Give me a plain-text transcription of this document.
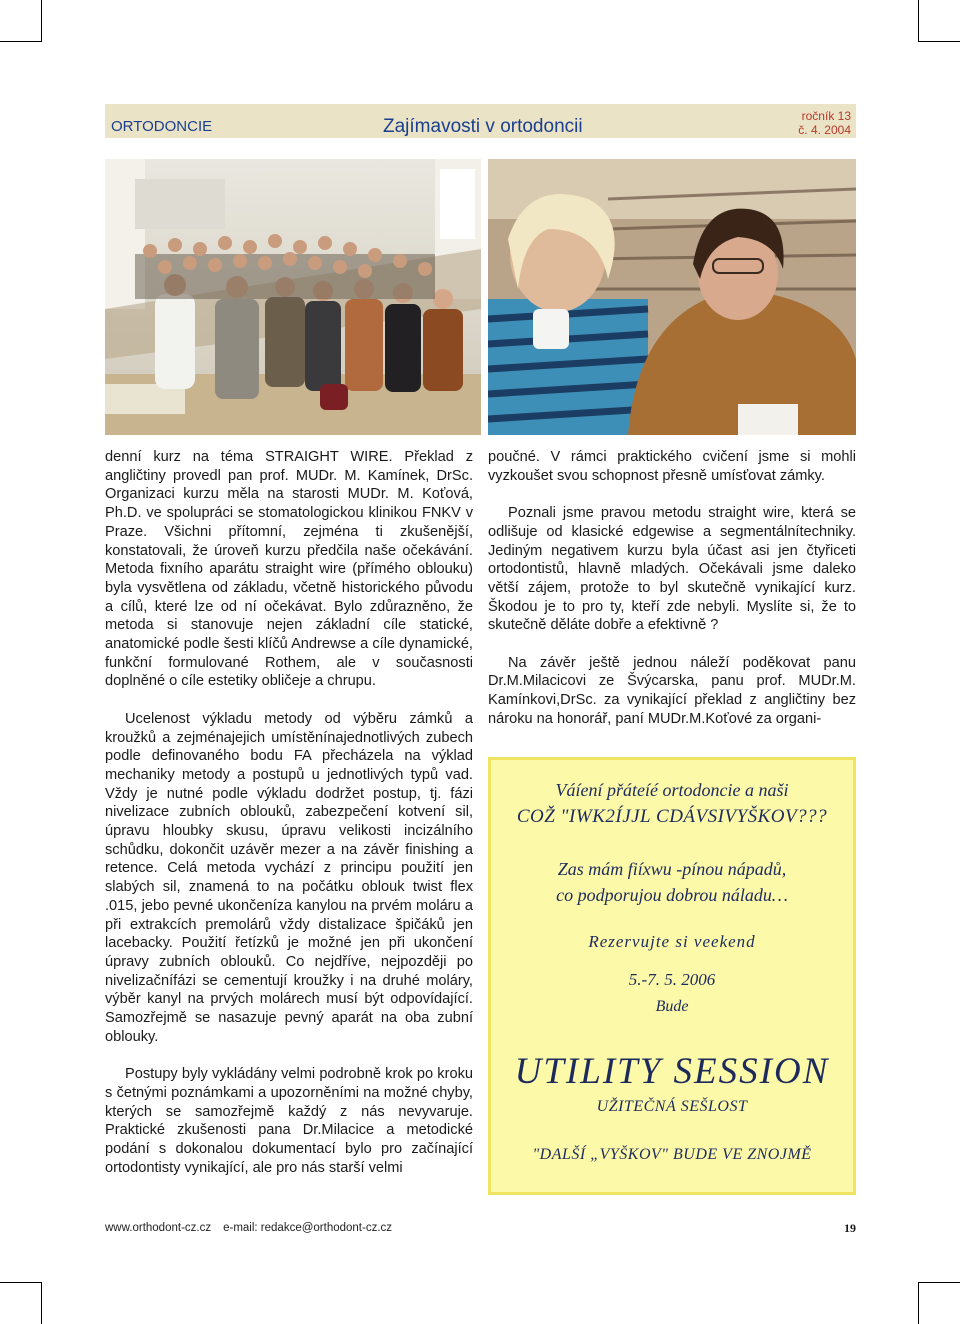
ORTODONCIE	Zajímavosti v ortodoncii	ročník 13
č. 4. 2004

denní kurz na téma STRAIGHT WIRE. Překlad z angličtiny provedl pan prof. MUDr. M. Kamínek, DrSc. Organizaci kurzu měla na starosti MUDr. M. Koťová, Ph.D. ve spolupráci se stomatologickou klinikou FNKV v Praze. Všichni přítomní, zejména ti zkušenější, konstatovali, že úroveň kurzu předčila naše očekávání. Metoda fixního aparátu straight wire (přímého oblouku) byla vysvětlena od základu, včetně historického původu a cílů, které lze od ní očekávat. Bylo zdůrazněno, že metoda si stanovuje nejen základní cíle statické, anatomické podle šesti klíčů Andrewse a cíle dynamické, funkční formulované Rothem, ale v současnosti doplněné o cíle estetiky obličeje a chrupu.

Ucelenost výkladu metody od výběru zámků a kroužků a zejménajejich umístěnínajednotlivých zubech podle definovaného bodu FA přecházela na výklad mechaniky metody a postupů u jednotlivých typů vad. Vždy je nutné podle výkladu dodržet postup, tj. fázi nivelizace zubních oblouků, zabezpečení kotvení sil, úpravu hloubky skusu, úpravu velikosti incizálního schůdku, dokončit uzávěr mezer a na závěr finishing a retence. Celá metoda vychází z principu použití jen slabých sil, znamená to na počátku oblouk twist flex .015, jebo pevné ukončeníza kanylou na prvém moláru a při extrakcích premolárů vždy distalizace špičáků jen lacebacky. Použití řetízků je možné jen při ukončení úpravy zubních oblouků. Co nejdříve, nejpozději po nivelizačnífázi se cementují kroužky i na druhé moláry, výběr kanyl na prvých molárech musí být odpovídající. Samozřejmě se nasazuje pevný aparát na oba zubní oblouky.

Postupy byly vykládány velmi podrobně krok po kroku s četnými poznámkami a upozorněními na možné chyby, kterých se samozřejmě každý z nás nevyvaruje. Praktické zkušenosti pana Dr.Milacice a metodické podání s dokonalou dokumentací bylo pro začínající ortodontisty vynikající, ale pro nás starší velmi

poučné. V rámci praktického cvičení jsme si mohli vyzkoušet svou schopnost přesně umísťovat zámky.

Poznali jsme pravou metodu straight wire, která se odlišuje od klasické edgewise a segmentálnítechniky. Jediným negativem kurzu byla účast asi jen čtyřiceti ortodontistů, hlavně mladých. Očekávali jsme daleko větší zájem, protože to byl skutečně vynikající kurz. Škodou je to pro ty, kteří zde nebyli. Myslíte si, že to skutečně děláte dobře a efektivně ?

Na závěr ještě jednou náleží poděkovat panu Dr.M.Milacicovi ze Švýcarska, panu prof. MUDr.M. Kamínkovi,DrSc. za vynikající překlad z angličtiny bez nároku na honorář, paní MUDr.M.Koťové za organi-

Váíení přáteíé ortodoncie a naši
COŽ "IWK2ÍJJL CDÁVSIVYŠKOV???
Zas mám fiíxwu -pínou nápadů,
co podporujou dobrou náladu…
Rezervujte si veekend
5.-7. 5. 2006
Bude
UTILITY SESSION
UŽITEČNÁ SEŠLOST
"DALŠÍ „VYŠKOV" BUDE VE ZNOJMĚ
www.orthodont-cz.cz e-mail: redakce@orthodont-cz.cz	19
